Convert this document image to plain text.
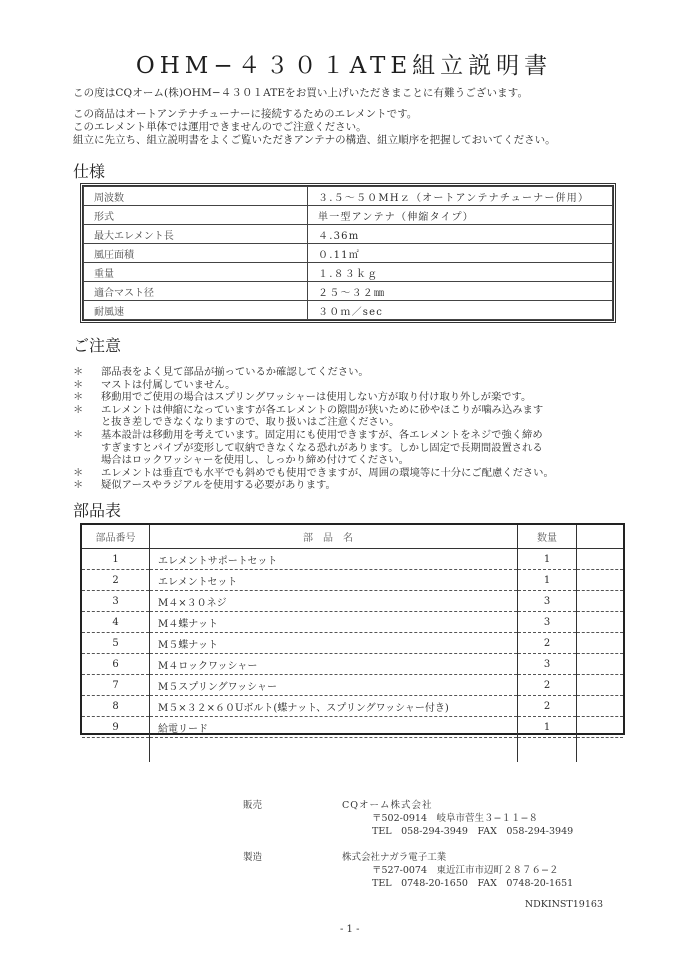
OHM−４３０１ATE組立説明書
この度はCQオーム(株)OHM−４３０１ATEをお買い上げいただきまことに有難うございます。
この商品はオートアンテナチューナーに接続するためのエレメントです。
このエレメント単体では運用できませんのでご注意ください。
組立に先立ち、組立説明書をよくご覧いただきアンテナの構造、組立順序を把握しておいてください。
仕様
周波数	３.５〜５０MHｚ（オートアンテナチューナー併用）
形式	単一型アンテナ（伸縮タイプ）
最大エレメント長	４.36m
風圧面積	０.11㎡
重量	１.８３ｋｇ
適合マスト径	２５〜３２㎜
耐風速	３０ｍ／sec
ご注意
＊	部品表をよく見て部品が揃っているか確認してください。
＊	マストは付属していません。
＊	移動用でご使用の場合はスプリングワッシャーは使用しない方が取り付け取り外しが楽です。
＊	エレメントは伸縮になっていますが各エレメントの隙間が狭いために砂やほこりが噛み込みます
と抜き差しできなくなりますので、取り扱いはご注意ください。
＊	基本設計は移動用を考えています。固定用にも使用できますが、各エレメントをネジで強く締め
すぎますとパイプが変形して収納できなくなる恐れがあります。しかし固定で長期間設置される
場合はロックワッシャーを使用し、しっかり締め付けてください。
＊	エレメントは垂直でも水平でも斜めでも使用できますが、周囲の環境等に十分にご配慮ください。
＊	疑似アースやラジアルを使用する必要があります。
部品表
部品番号	部品名	数量	
1	エレメントサポートセット	1	
2	エレメントセット	1	
3	M４×３０ネジ	3	
4	M４蝶ナット	3	
5	M５蝶ナット	2	
6	M４ロックワッシャー	3	
7	M５スプリングワッシャー	2	
8	M５×３２×６０Uボルト(蝶ナット、スプリングワッシャー付き)	2	
9	給電リード	1	

販売	CQオーム株式会社
〒502-0914　岐阜市菅生３−１１−８
TEL　058-294-3949　FAX　058-294-3949
製造	株式会社ナガラ電子工業
〒527-0074　東近江市市辺町２８７６−２
TEL　0748-20-1650　FAX　0748-20-1651
NDKINST19163
- 1 -
